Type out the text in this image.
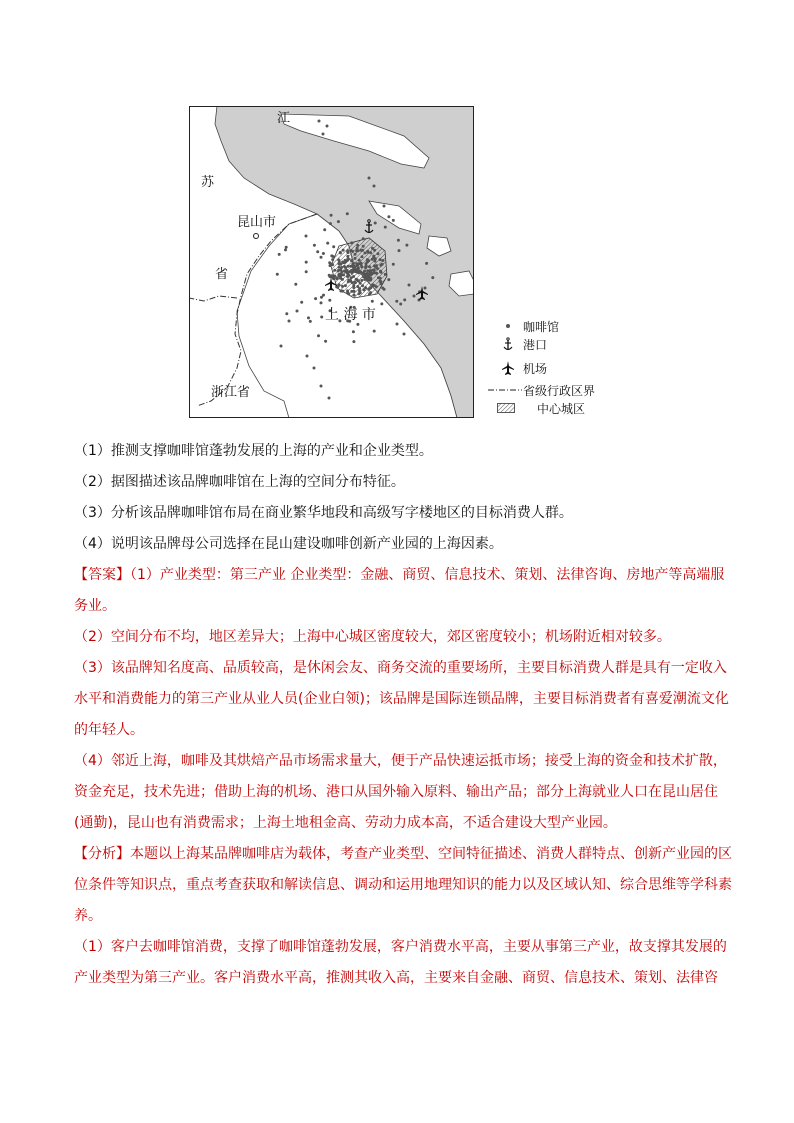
江
苏
昆山市
省
上 海 市
浙江省
咖啡馆
港口
机场
省级行政区界
中心城区

（1）推测支撑咖啡馆蓬勃发展的上海的产业和企业类型。

（2）据图描述该品牌咖啡馆在上海的空间分布特征。

（3）分析该品牌咖啡馆布局在商业繁华地段和高级写字楼地区的目标消费人群。

（4）说明该品牌母公司选择在昆山建设咖啡创新产业园的上海因素。

【答案】（1）产业类型：第三产业 企业类型：金融、商贸、信息技术、策划、法律咨询、房地产等高端服务业。

（2）空间分布不均，地区差异大；上海中心城区密度较大，郊区密度较小；机场附近相对较多。

（3）该品牌知名度高、品质较高，是休闲会友、商务交流的重要场所，主要目标消费人群是具有一定收入水平和消费能力的第三产业从业人员(企业白领)；该品牌是国际连锁品牌，主要目标消费者有喜爱潮流文化的年轻人。

（4）邻近上海，咖啡及其烘焙产品市场需求量大，便于产品快速运抵市场；接受上海的资金和技术扩散，资金充足，技术先进；借助上海的机场、港口从国外输入原料、输出产品；部分上海就业人口在昆山居住(通勤)，昆山也有消费需求；上海土地租金高、劳动力成本高，不适合建设大型产业园。

【分析】本题以上海某品牌咖啡店为载体，考查产业类型、空间特征描述、消费人群特点、创新产业园的区位条件等知识点，重点考查获取和解读信息、调动和运用地理知识的能力以及区域认知、综合思维等学科素养。

（1）客户去咖啡馆消费，支撑了咖啡馆蓬勃发展，客户消费水平高，主要从事第三产业，故支撑其发展的产业类型为第三产业。客户消费水平高，推测其收入高，主要来自金融、商贸、信息技术、策划、法律咨
